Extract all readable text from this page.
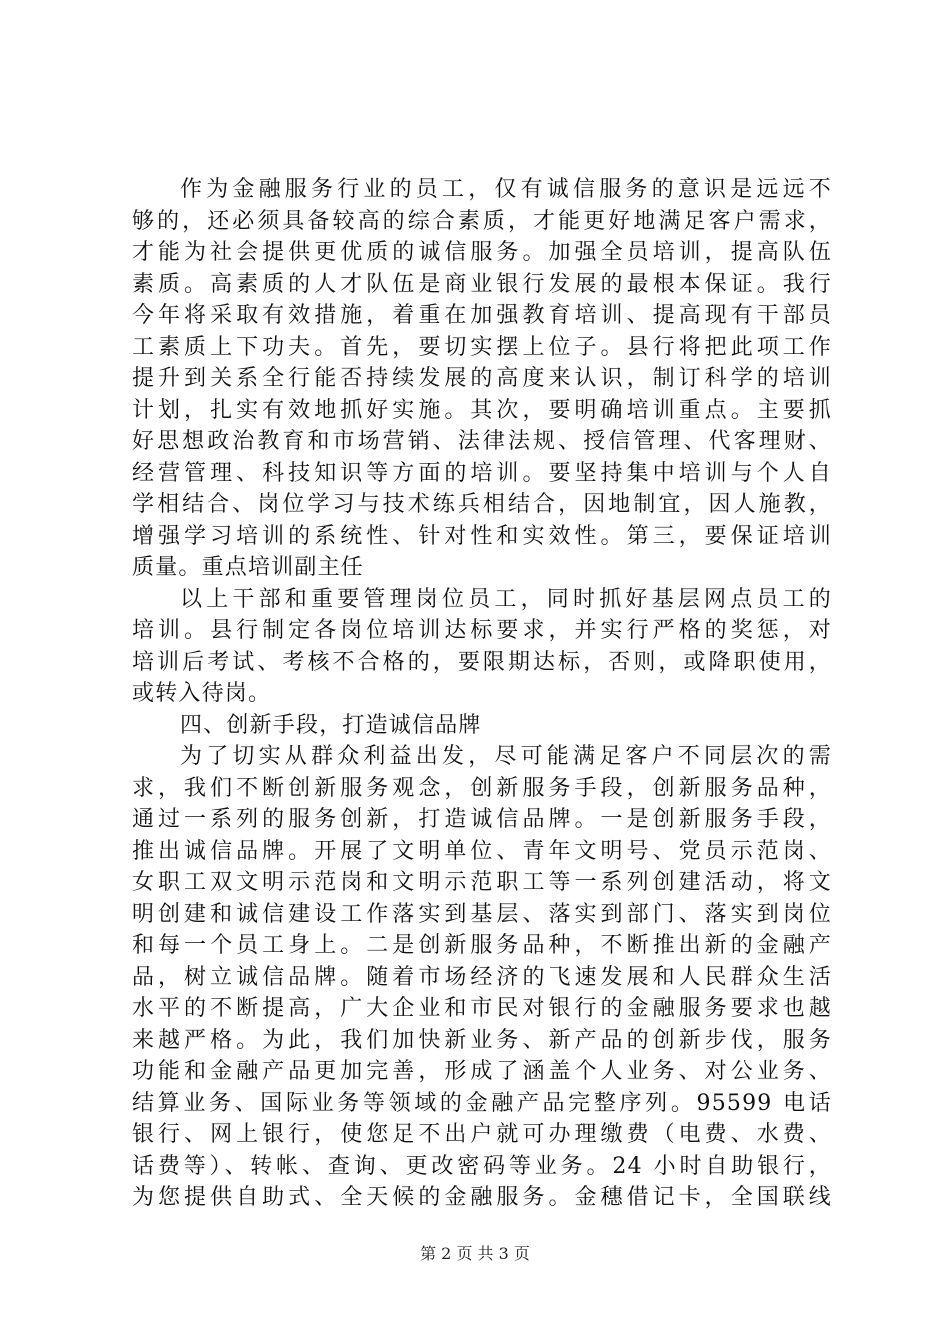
作为金融服务行业的员工，仅有诚信服务的意识是远远不
够的，还必须具备较高的综合素质，才能更好地满足客户需求，
才能为社会提供更优质的诚信服务。加强全员培训，提高队伍
素质。高素质的人才队伍是商业银行发展的最根本保证。我行
今年将采取有效措施，着重在加强教育培训、提高现有干部员
工素质上下功夫。首先，要切实摆上位子。县行将把此项工作
提升到关系全行能否持续发展的高度来认识，制订科学的培训
计划，扎实有效地抓好实施。其次，要明确培训重点。主要抓
好思想政治教育和市场营销、法律法规、授信管理、代客理财、
经营管理、科技知识等方面的培训。要坚持集中培训与个人自
学相结合、岗位学习与技术练兵相结合，因地制宜，因人施教，
增强学习培训的系统性、针对性和实效性。第三，要保证培训
质量。重点培训副主任
以上干部和重要管理岗位员工，同时抓好基层网点员工的
培训。县行制定各岗位培训达标要求，并实行严格的奖惩，对
培训后考试、考核不合格的，要限期达标，否则，或降职使用，
或转入待岗。
四、创新手段，打造诚信品牌
为了切实从群众利益出发，尽可能满足客户不同层次的需
求，我们不断创新服务观念，创新服务手段，创新服务品种，
通过一系列的服务创新，打造诚信品牌。一是创新服务手段，
推出诚信品牌。开展了文明单位、青年文明号、党员示范岗、
女职工双文明示范岗和文明示范职工等一系列创建活动，将文
明创建和诚信建设工作落实到基层、落实到部门、落实到岗位
和每一个员工身上。二是创新服务品种，不断推出新的金融产
品，树立诚信品牌。随着市场经济的飞速发展和人民群众生活
水平的不断提高，广大企业和市民对银行的金融服务要求也越
来越严格。为此，我们加快新业务、新产品的创新步伐，服务
功能和金融产品更加完善，形成了涵盖个人业务、对公业务、
结算业务、国际业务等领域的金融产品完整序列。95599 电话
银行、网上银行，使您足不出户就可办理缴费（电费、水费、
话费等）、转帐、查询、更改密码等业务。24 小时自助银行，
为您提供自助式、全天候的金融服务。金穗借记卡，全国联线
第 2 页 共 3 页
